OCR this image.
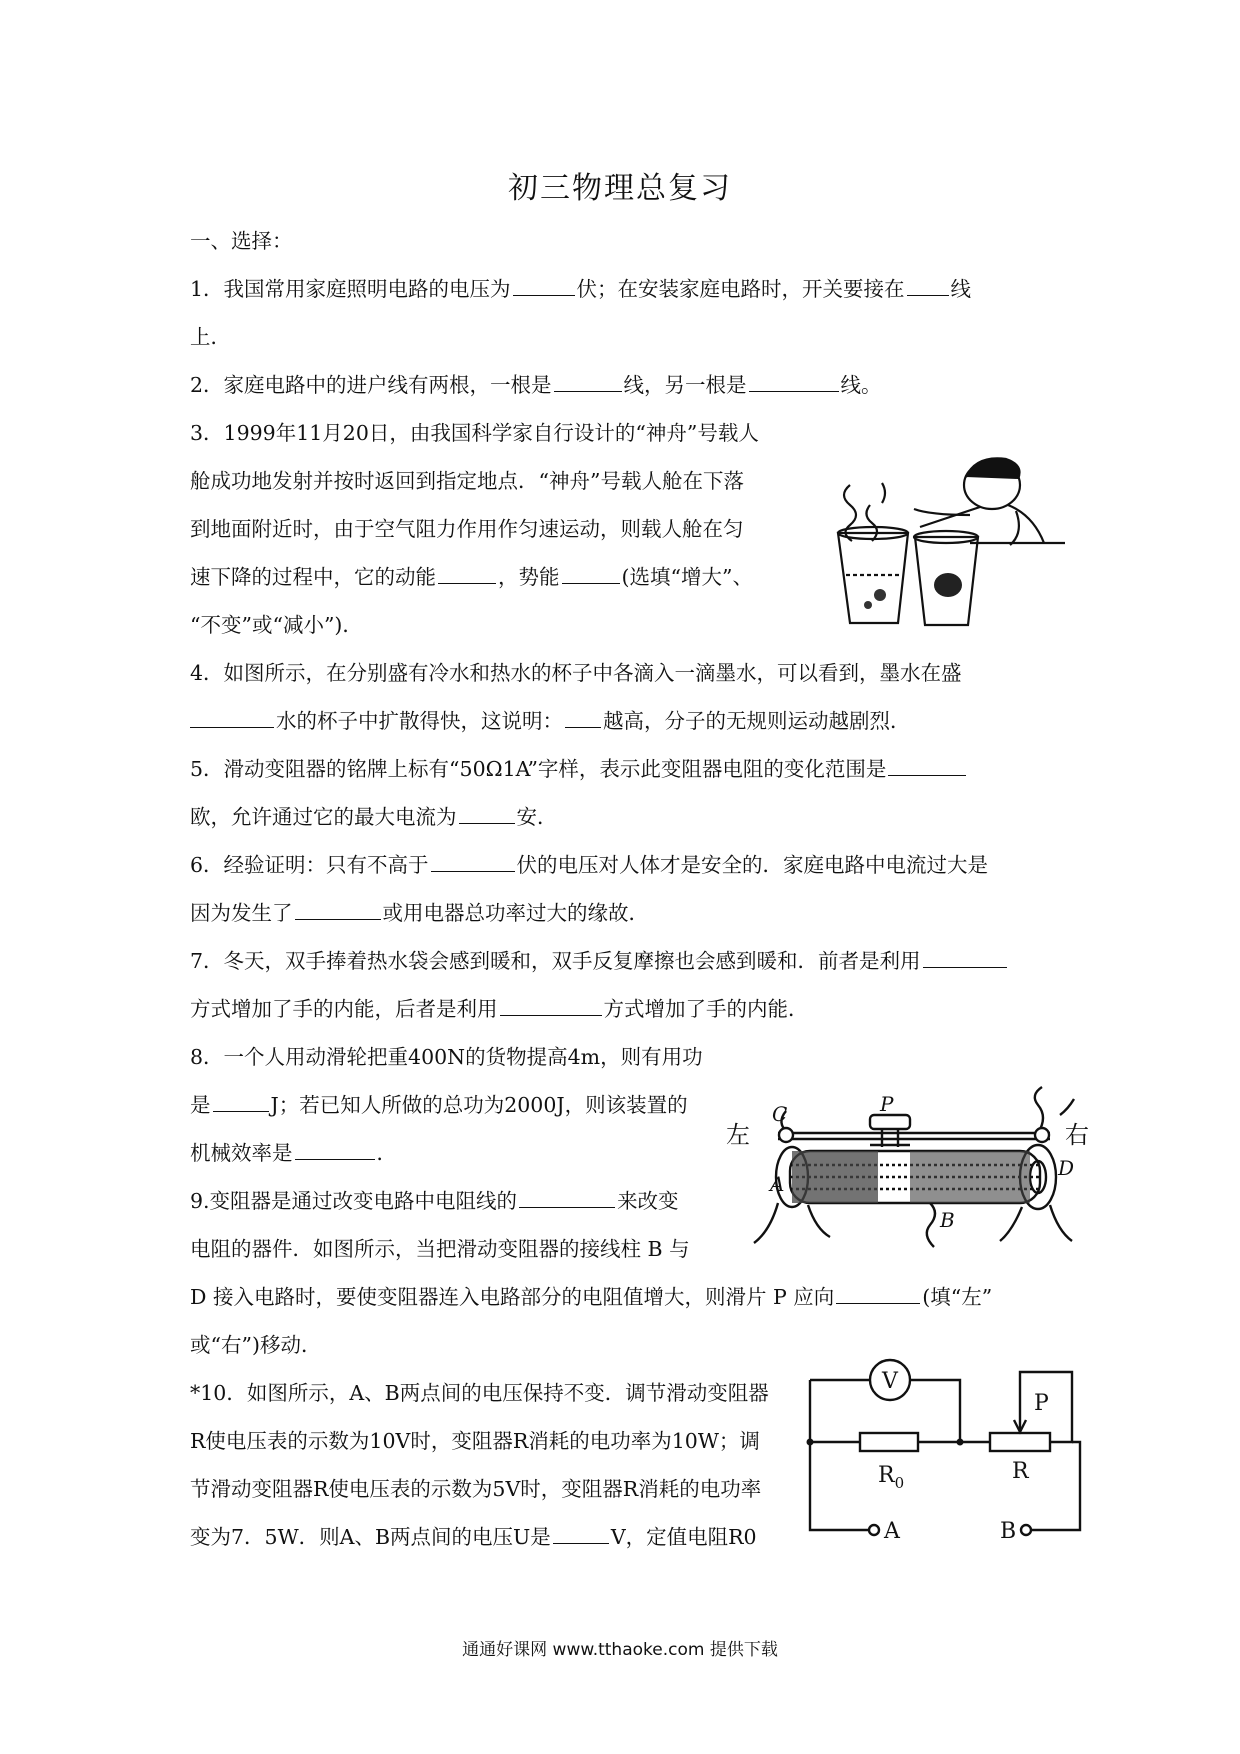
初三物理总复习
一、选择：
1．我国常用家庭照明电路的电压为	伏；在安装家庭电路时，开关要接在 线
上．
2．家庭电路中的进户线有两根，一根是	线，另一根是	线。
3．1999年11月20日，由我国科学家自行设计的“神舟”号载人
舱成功地发射并按时返回到指定地点．“神舟”号载人舱在下落
到地面附近时，由于空气阻力作用作匀速运动，则载人舱在匀
速下降的过程中，它的动能	，势能	(选填“增大”、
“不变”或“减小”)．
4．如图所示，在分别盛有冷水和热水的杯子中各滴入一滴墨水，可以看到，墨水在盛
水的杯子中扩散得快，这说明： 越高，分子的无规则运动越剧烈．
5．滑动变阻器的铭牌上标有“50Ω1A”字样，表示此变阻器电阻的变化范围是
欧，允许通过它的最大电流为	安．
6．经验证明：只有不高于	伏的电压对人体才是安全的．家庭电路中电流过大是
因为发生了	或用电器总功率过大的缘故．
7．冬天，双手捧着热水袋会感到暖和，双手反复摩擦也会感到暖和．前者是利用
方式增加了手的内能，后者是利用	方式增加了手的内能．
8．一个人用动滑轮把重400N的货物提高4m，则有用功
是	J；若已知人所做的总功为2000J，则该装置的
机械效率是	．
左	右
C	P
A
B
D
9.变阻器是通过改变电路中电阻线的	来改变
电阻的器件．如图所示，当把滑动变阻器的接线柱 B 与
D 接入电路时，要使变阻器连入电路部分的电阻值增大，则滑片 P 应向	(填“左”
或“右”)移动．
V
P
$R_0$	R
A	B
*10．如图所示，A、B两点间的电压保持不变．调节滑动变阻器
R使电压表的示数为10V时，变阻器R消耗的电功率为10W；调
节滑动变阻器R使电压表的示数为5V时，变阻器R消耗的电功率
变为7．5W．则A、B两点间的电压U是	V，定值电阻R0
通通好课网 www.tthaoke.com 提供下载
